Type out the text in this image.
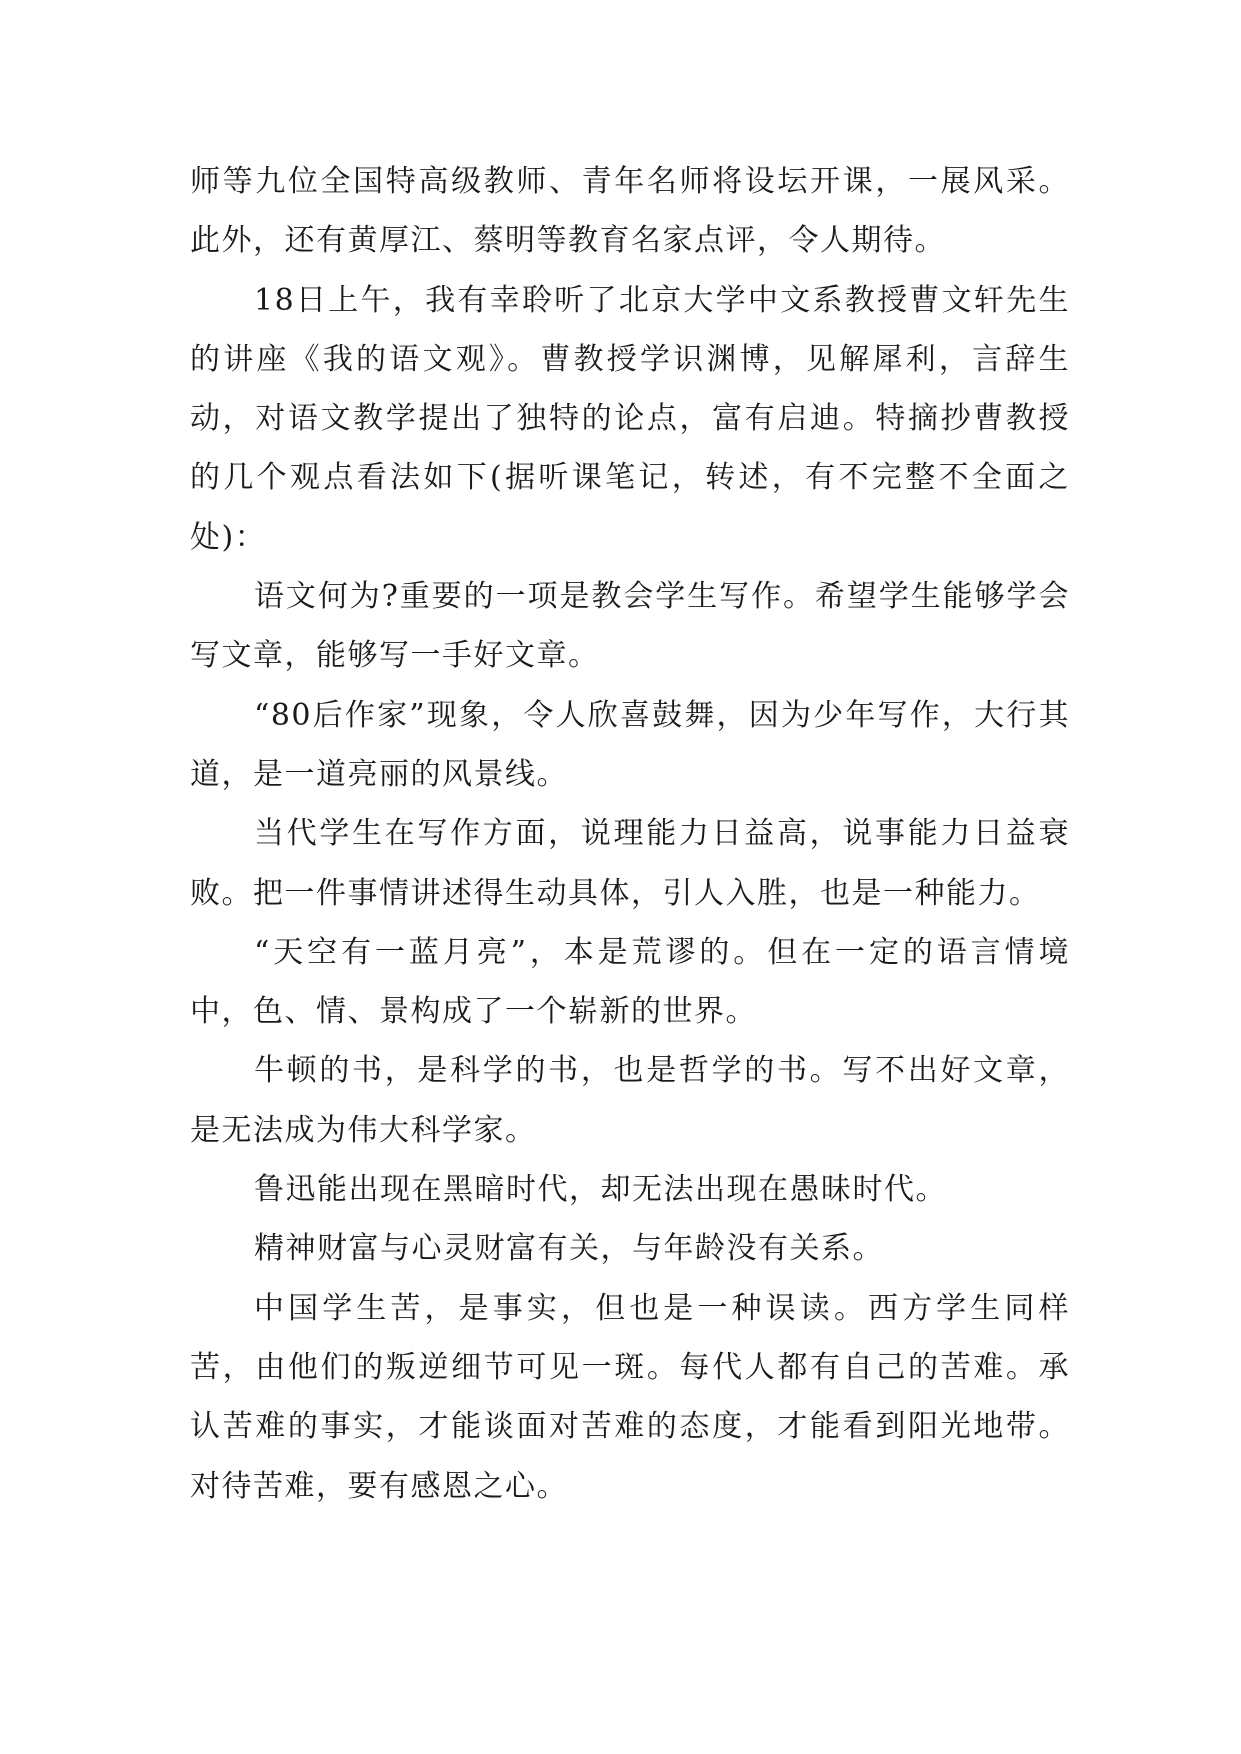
师等九位全国特高级教师、青年名师将设坛开课，一展风采。此外，还有黄厚江、蔡明等教育名家点评，令人期待。

18日上午，我有幸聆听了北京大学中文系教授曹文轩先生的讲座《我的语文观》。曹教授学识渊博，见解犀利，言辞生动，对语文教学提出了独特的论点，富有启迪。特摘抄曹教授的几个观点看法如下(据听课笔记，转述，有不完整不全面之处)：

语文何为?重要的一项是教会学生写作。希望学生能够学会写文章，能够写一手好文章。

“80后作家”现象，令人欣喜鼓舞，因为少年写作，大行其道，是一道亮丽的风景线。

当代学生在写作方面，说理能力日益高，说事能力日益衰败。把一件事情讲述得生动具体，引人入胜，也是一种能力。

“天空有一蓝月亮”，本是荒谬的。但在一定的语言情境中，色、情、景构成了一个崭新的世界。

牛顿的书，是科学的书，也是哲学的书。写不出好文章，是无法成为伟大科学家。

鲁迅能出现在黑暗时代，却无法出现在愚昧时代。

精神财富与心灵财富有关，与年龄没有关系。

中国学生苦，是事实，但也是一种误读。西方学生同样苦，由他们的叛逆细节可见一斑。每代人都有自己的苦难。承认苦难的事实，才能谈面对苦难的态度，才能看到阳光地带。对待苦难，要有感恩之心。
